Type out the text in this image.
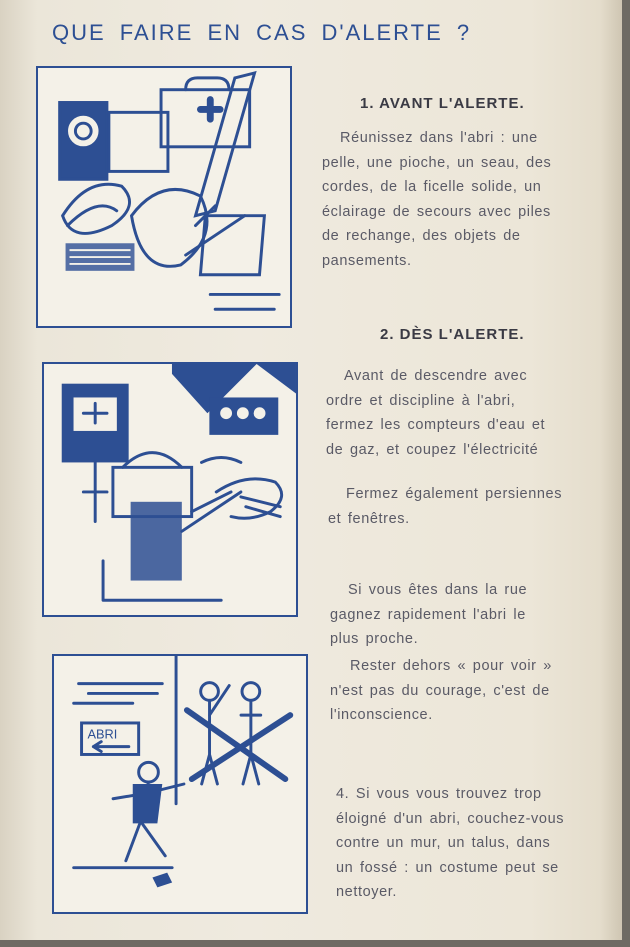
QUE FAIRE EN CAS D'ALERTE ?
ABRI
1. AVANT L'ALERTE.
Réunissez dans l'abri : une
pelle, une pioche, un seau, des
cordes, de la ficelle solide, un
éclairage de secours avec piles
de rechange, des objets de
pansements.
2. DÈS L'ALERTE.
Avant de descendre avec
ordre et discipline à l'abri,
fermez les compteurs d'eau et
de gaz, et coupez l'électricité
Fermez également persiennes
et fenêtres.
Si vous êtes dans la rue
gagnez rapidement l'abri le
plus proche.
Rester dehors « pour voir »
n'est pas du courage, c'est de
l'inconscience.
4. Si vous vous trouvez trop
éloigné d'un abri, couchez-vous
contre un mur, un talus, dans
un fossé : un costume peut se
nettoyer.
